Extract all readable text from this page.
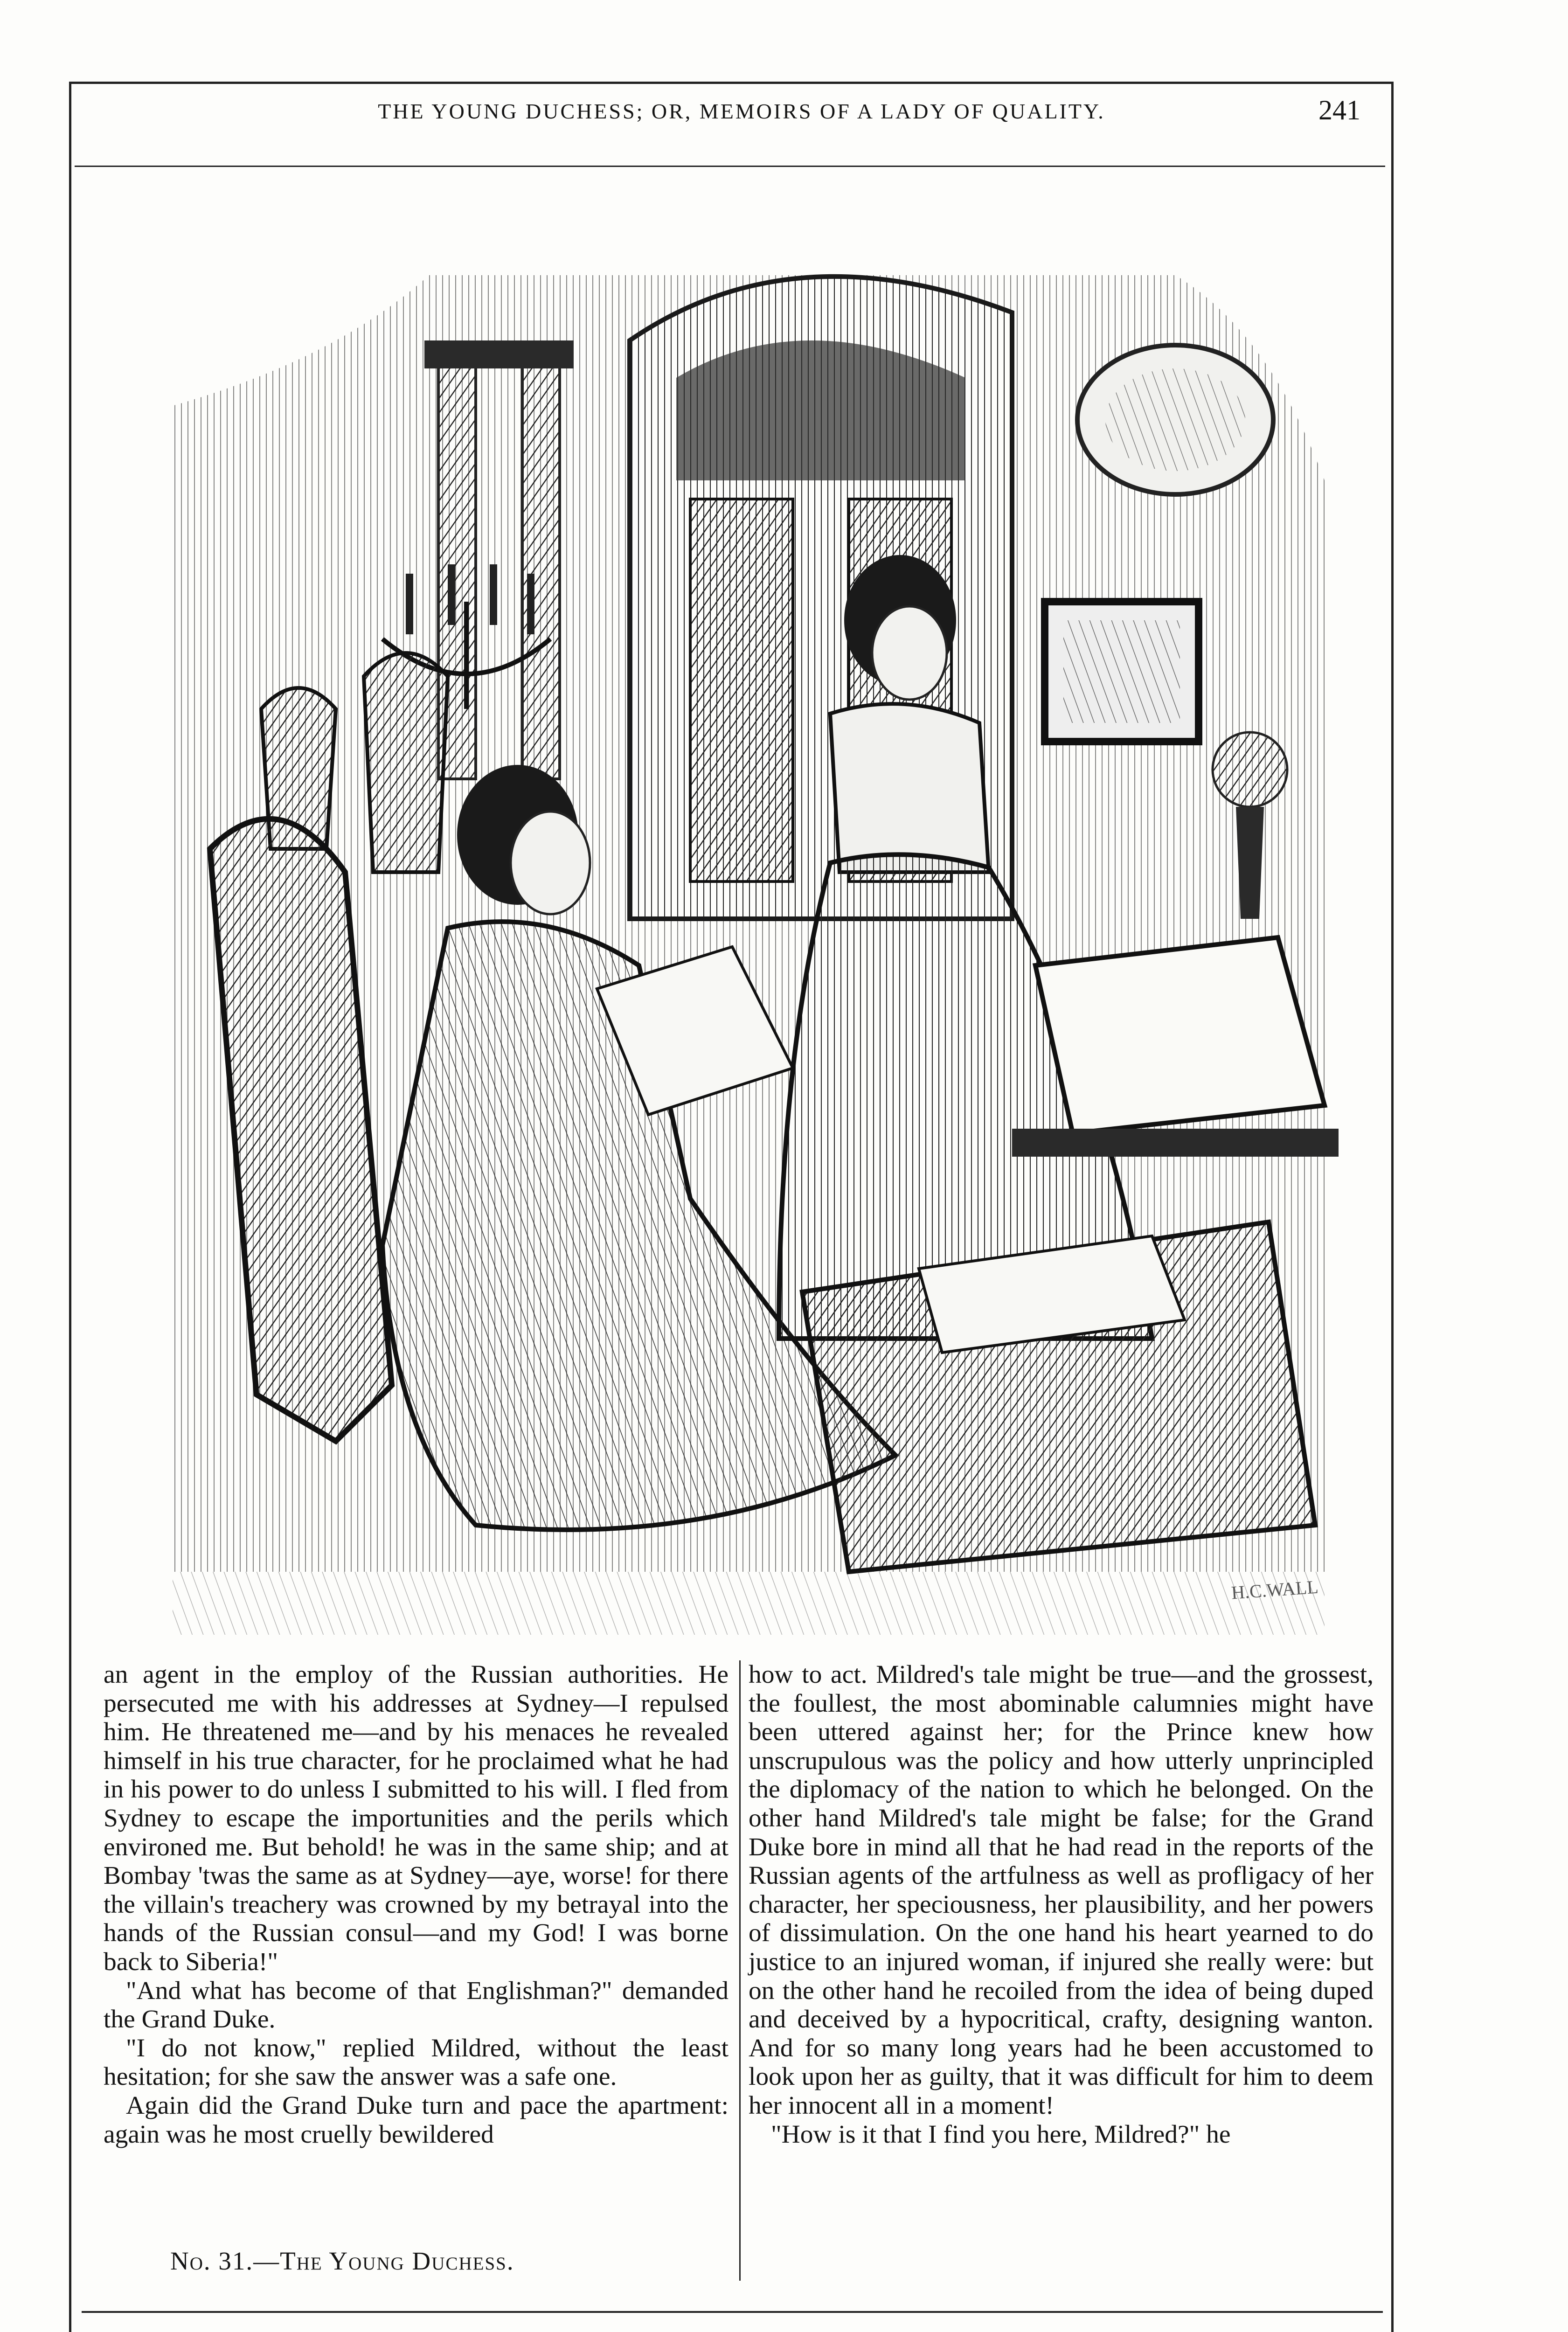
THE YOUNG DUCHESS; OR, MEMOIRS OF A LADY OF QUALITY.	241
H.C.WALL

an agent in the employ of the Russian authorities. He persecuted me with his addresses at Sydney—I repulsed him. He threatened me—and by his menaces he revealed himself in his true character, for he proclaimed what he had in his power to do unless I submitted to his will. I fled from Sydney to escape the importunities and the perils which environed me. But behold! he was in the same ship; and at Bombay 'twas the same as at Sydney—aye, worse! for there the villain's treachery was crowned by my betrayal into the hands of the Russian consul—and my God! I was borne back to Siberia!"

"And what has become of that Englishman?" demanded the Grand Duke.

"I do not know," replied Mildred, without the least hesitation; for she saw the answer was a safe one.

Again did the Grand Duke turn and pace the apartment: again was he most cruelly bewildered

how to act. Mildred's tale might be true—and the grossest, the foullest, the most abominable calumnies might have been uttered against her; for the Prince knew how unscrupulous was the policy and how utterly unprincipled the diplomacy of the nation to which he belonged. On the other hand Mildred's tale might be false; for the Grand Duke bore in mind all that he had read in the reports of the Russian agents of the artfulness as well as profligacy of her character, her speciousness, her plausibility, and her powers of dissimulation. On the one hand his heart yearned to do justice to an injured woman, if injured she really were: but on the other hand he recoiled from the idea of being duped and deceived by a hypocritical, crafty, designing wanton. And for so many long years had he been accustomed to look upon her as guilty, that it was difficult for him to deem her innocent all in a moment!

"How is it that I find you here, Mildred?" he

No. 31.—The Young Duchess.
